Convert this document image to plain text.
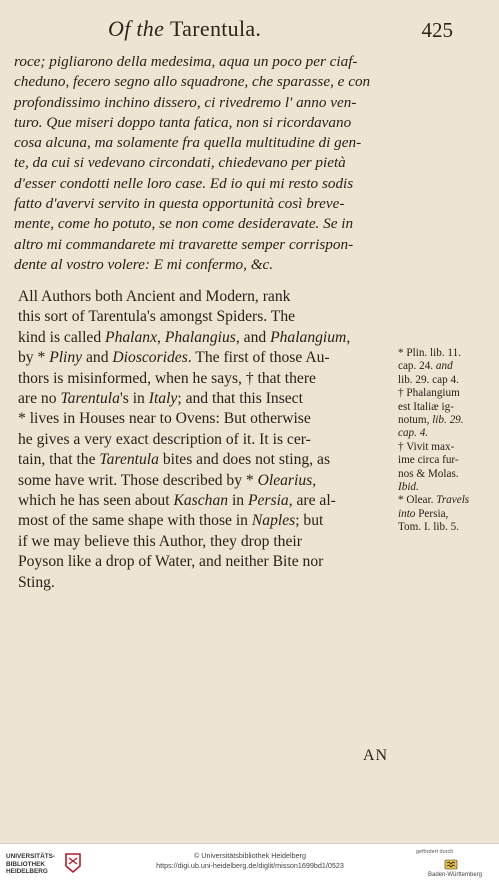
Of the Tarentula.	425
roce; pigliarono della medesima, aqua un poco per ciaf-
cheduno, fecero segno allo squadrone, che sparasse, e con
profondissimo inchino dissero, ci rivedremo l' anno ven-
turo. Que miseri doppo tanta fatica, non si ricordavano
cosa alcuna, ma solamente fra quella multitudine di gen-
te, da cui si vedevano circondati, chiedevano per pietà
d'esser condotti nelle loro case. Ed io qui mi resto sodis
fatto d'avervi servito in questa opportunità così breve-
mente, come ho potuto, se non come desideravate. Se in
altro mi commandarete mi travarette semper corrispon-
dente al vostro volere: E mi confermo, &c.
All Authors both Ancient and Modern, rank
this sort of Tarentula's amongst Spiders. The
kind is called Phalanx, Phalangius, and Phalangium,
by * Pliny and Dioscorides. The first of those Au-
thors is misinformed, when he says, † that there
are no Tarentula's in Italy; and that this Insect
* lives in Houses near to Ovens: But otherwise
he gives a very exact description of it. It is cer-
tain, that the Tarentula bites and does not sting, as
some have writ. Those described by * Olearius,
which he has seen about Kaschan in Persia, are al-
most of the same shape with those in Naples; but
if we may believe this Author, they drop their
Poyson like a drop of Water, and neither Bite nor
Sting.
* Plin. lib. 11.
cap. 24. and
lib. 29. cap 4.
† Phalangium
est Italiæ ig-
notum, lib. 29.
cap. 4.
† Vivit max-
ime circa fur-
nos & Molas.
Ibid.
* Olear. Travels
into Persia,
Tom. I. lib. 5.
AN
UNIVERSITÄTS-
BIBLIOTHEK
HEIDELBERG
© Universitätsbibliothek Heidelberg
https://digi.ub.uni-heidelberg.de/diglit/misson1699bd1/0523
gefördert durch
Baden-Württemberg
